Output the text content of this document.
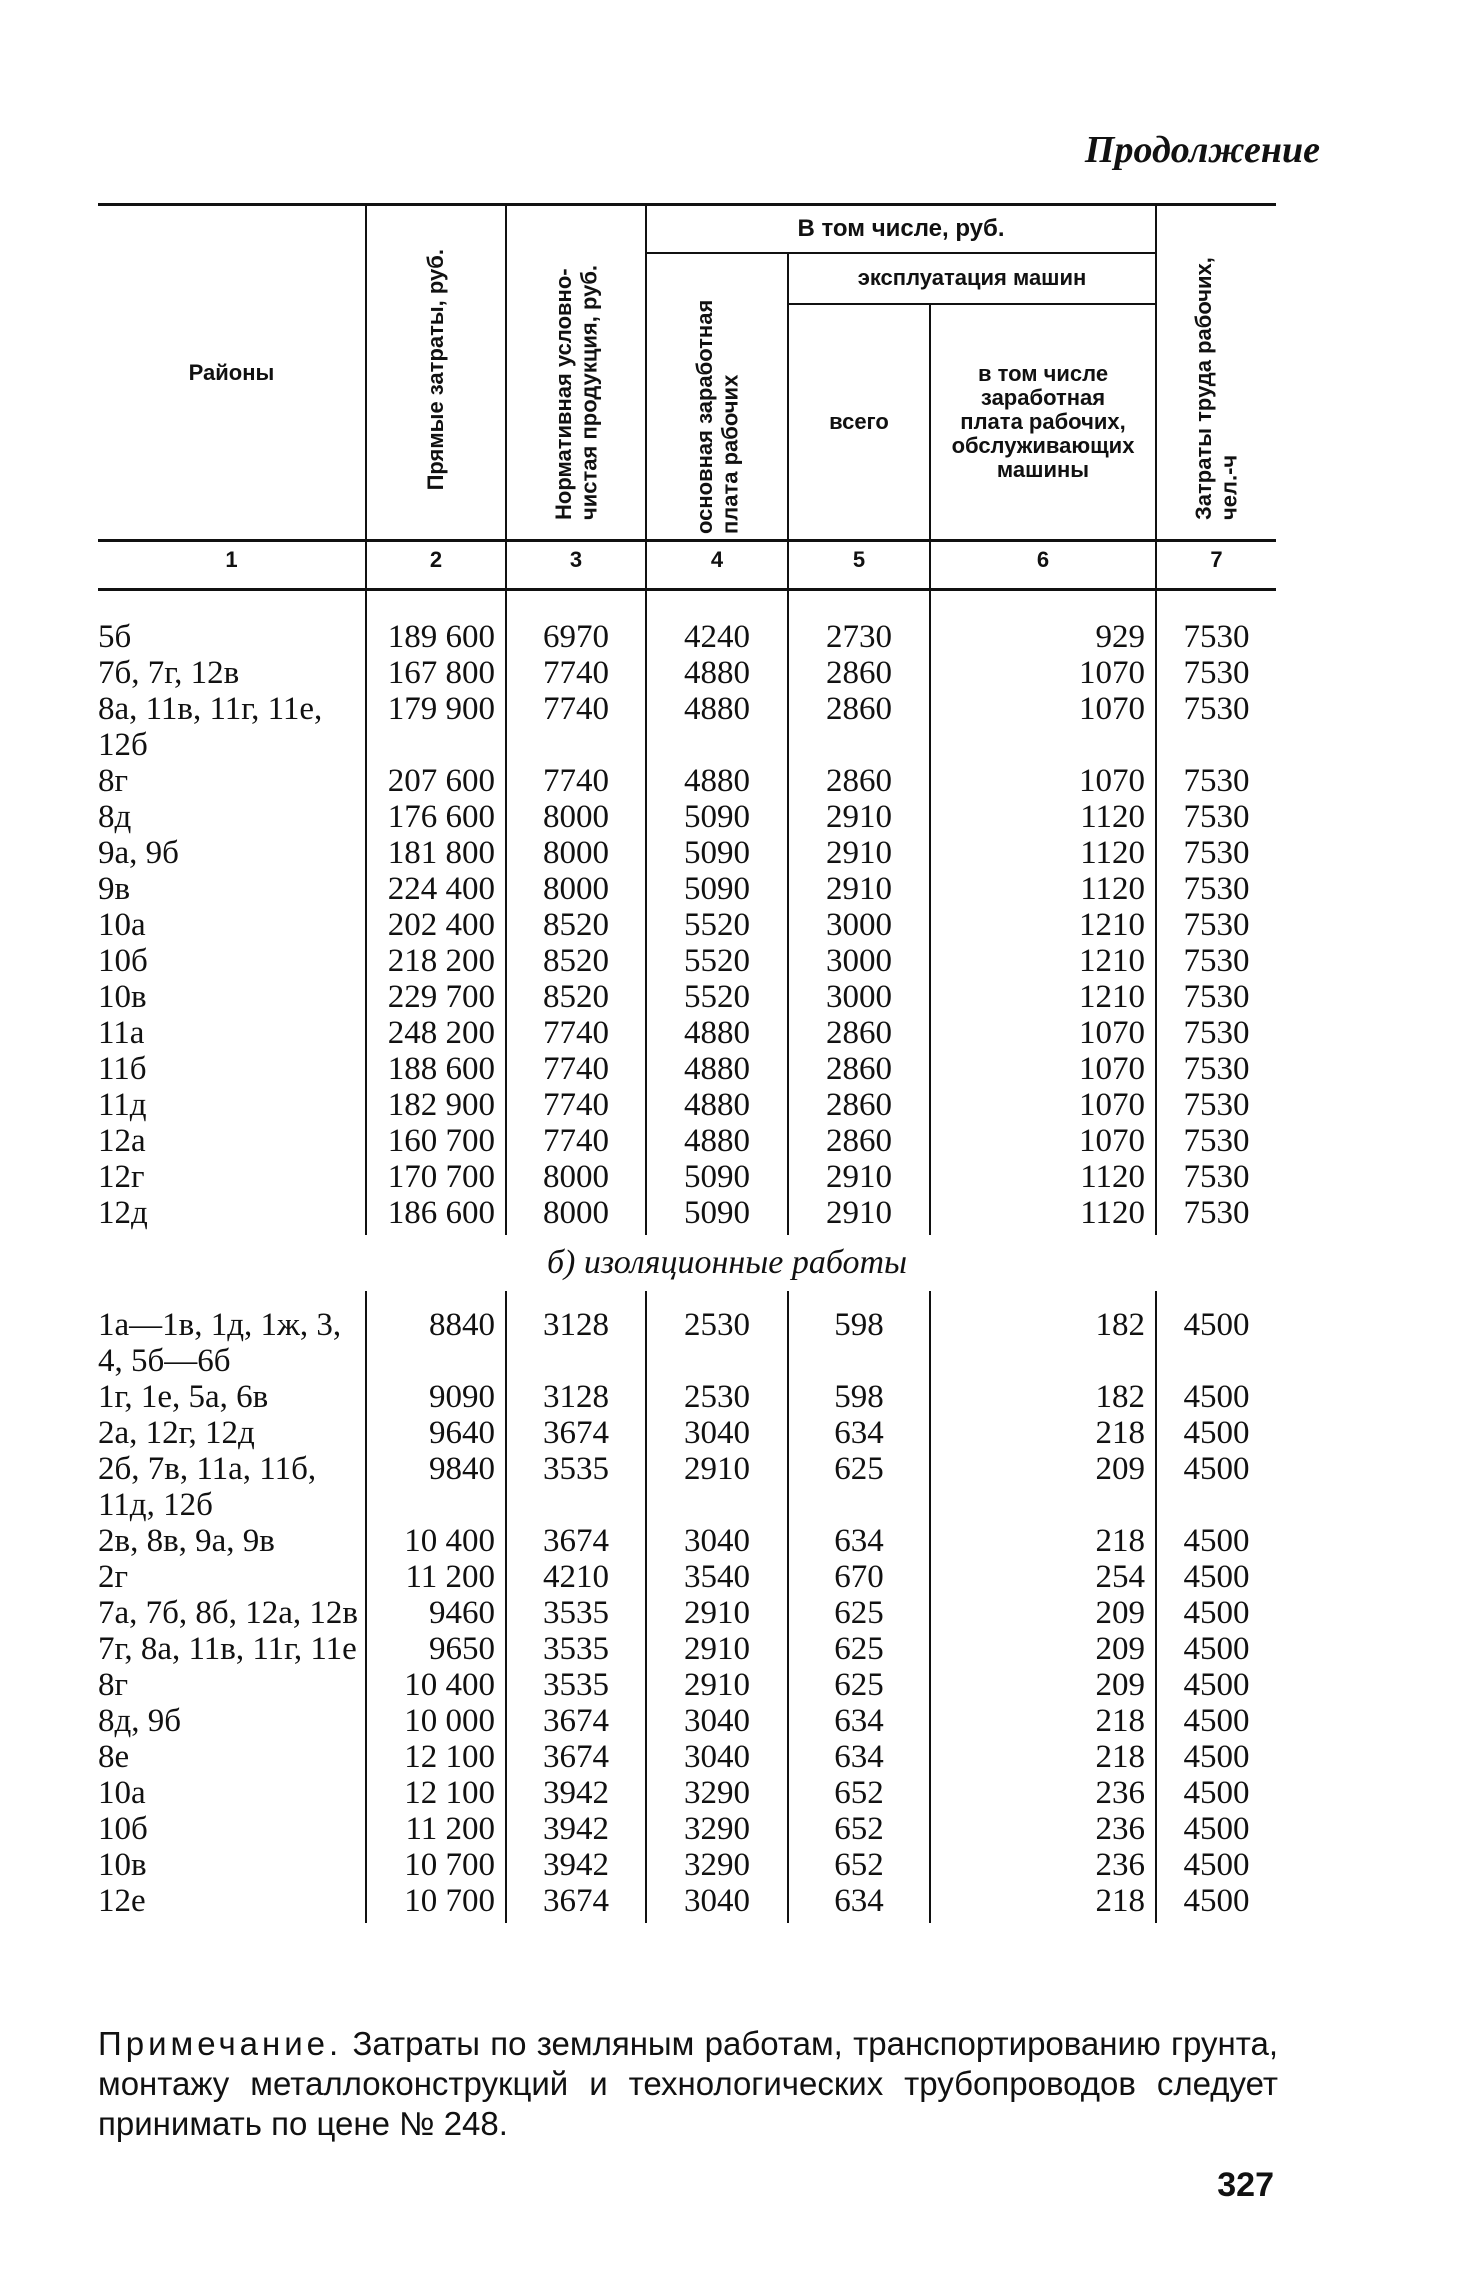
Продолжение
Районы	Прямые затраты, руб.	Нормативная условно-чистая продукция, руб.	В том числе, руб.			Затраты труда рабочих, чел.-ч
			основная заработная плата рабочих	эксплуатация машин		
				всего	в том числе заработная плата рабочих, обслуживающих машины	
1	2	3	4	5	6	7

5б	189 600	6970	4240	2730	929	7530
7б, 7г, 12в	167 800	7740	4880	2860	1070	7530
8а, 11в, 11г, 11е, 12б	179 900	7740	4880	2860	1070	7530
8г	207 600	7740	4880	2860	1070	7530
8д	176 600	8000	5090	2910	1120	7530
9а, 9б	181 800	8000	5090	2910	1120	7530
9в	224 400	8000	5090	2910	1120	7530
10а	202 400	8520	5520	3000	1210	7530
10б	218 200	8520	5520	3000	1210	7530
10в	229 700	8520	5520	3000	1210	7530
11а	248 200	7740	4880	2860	1070	7530
11б	188 600	7740	4880	2860	1070	7530
11д	182 900	7740	4880	2860	1070	7530
12а	160 700	7740	4880	2860	1070	7530
12г	170 700	8000	5090	2910	1120	7530
12д	186 600	8000	5090	2910	1120	7530
б) изоляционные работы						

1а—1в, 1д, 1ж, 3, 4, 5б—6б	8840	3128	2530	598	182	4500
1г, 1е, 5а, 6в	9090	3128	2530	598	182	4500
2а, 12г, 12д	9640	3674	3040	634	218	4500
2б, 7в, 11а, 11б, 11д, 12б	9840	3535	2910	625	209	4500
2в, 8в, 9а, 9в	10 400	3674	3040	634	218	4500
2г	11 200	4210	3540	670	254	4500
7а, 7б, 8б, 12а, 12в	9460	3535	2910	625	209	4500
7г, 8а, 11в, 11г, 11е	9650	3535	2910	625	209	4500
8г	10 400	3535	2910	625	209	4500
8д, 9б	10 000	3674	3040	634	218	4500
8е	12 100	3674	3040	634	218	4500
10а	12 100	3942	3290	652	236	4500
10б	11 200	3942	3290	652	236	4500
10в	10 700	3942	3290	652	236	4500
12е	10 700	3674	3040	634	218	4500
Примечание. Затраты по земляным работам, транспортированию грунта, монтажу металлоконструкций и технологических трубопроводов следует принимать по цене № 248.
327
